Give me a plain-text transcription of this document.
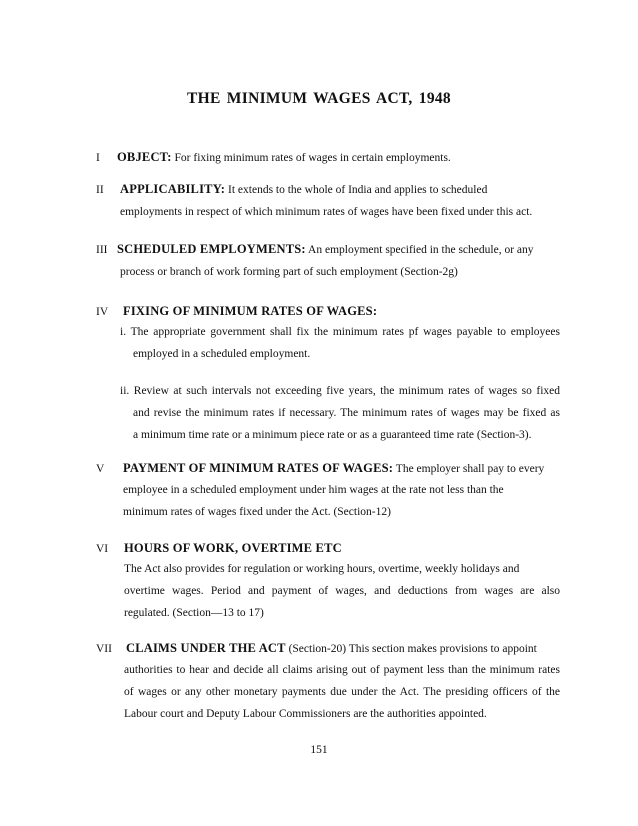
THE MINIMUM WAGES ACT, 1948
I OBJECT: For fixing minimum rates of wages in certain employments.
II APPLICABILITY: It extends to the whole of India and applies to scheduled
employments in respect of which minimum rates of wages have been fixed under this act.
III SCHEDULED EMPLOYMENTS: An employment specified in the schedule, or any
process or branch of work forming part of such employment (Section-2g)
IV FIXING OF MINIMUM RATES OF WAGES:
i. The appropriate government shall fix the minimum rates pf wages payable to employees
employed in a scheduled employment.
ii. Review at such intervals not exceeding five years, the minimum rates of wages so fixed
and revise the minimum rates if necessary. The minimum rates of wages may be fixed as
a minimum time rate or a minimum piece rate or as a guaranteed time rate (Section-3).
V PAYMENT OF MINIMUM RATES OF WAGES: The employer shall pay to every
employee in a scheduled employment under him wages at the rate not less than the
minimum rates of wages fixed under the Act. (Section-12)
VI HOURS OF WORK, OVERTIME ETC
The Act also provides for regulation or working hours, overtime, weekly holidays and
overtime wages. Period and payment of wages, and deductions from wages are also
regulated. (Section—13 to 17)
VII CLAIMS UNDER THE ACT (Section-20) This section makes provisions to appoint
authorities to hear and decide all claims arising out of payment less than the minimum rates
of wages or any other monetary payments due under the Act. The presiding officers of the
Labour court and Deputy Labour Commissioners are the authorities appointed.
151
